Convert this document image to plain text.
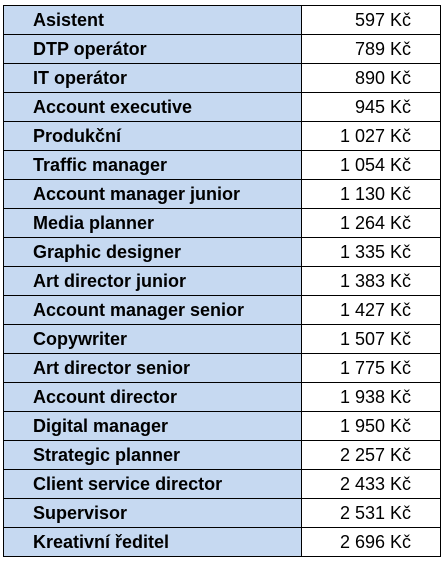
Asistent	597 Kč
DTP operátor	789 Kč
IT operátor	890 Kč
Account executive	945 Kč
Produkční	1 027 Kč
Traffic manager	1 054 Kč
Account manager junior	1 130 Kč
Media planner	1 264 Kč
Graphic designer	1 335 Kč
Art director junior	1 383 Kč
Account manager senior	1 427 Kč
Copywriter	1 507 Kč
Art director senior	1 775 Kč
Account director	1 938 Kč
Digital manager	1 950 Kč
Strategic planner	2 257 Kč
Client service director	2 433 Kč
Supervisor	2 531 Kč
Kreativní ředitel	2 696 Kč
